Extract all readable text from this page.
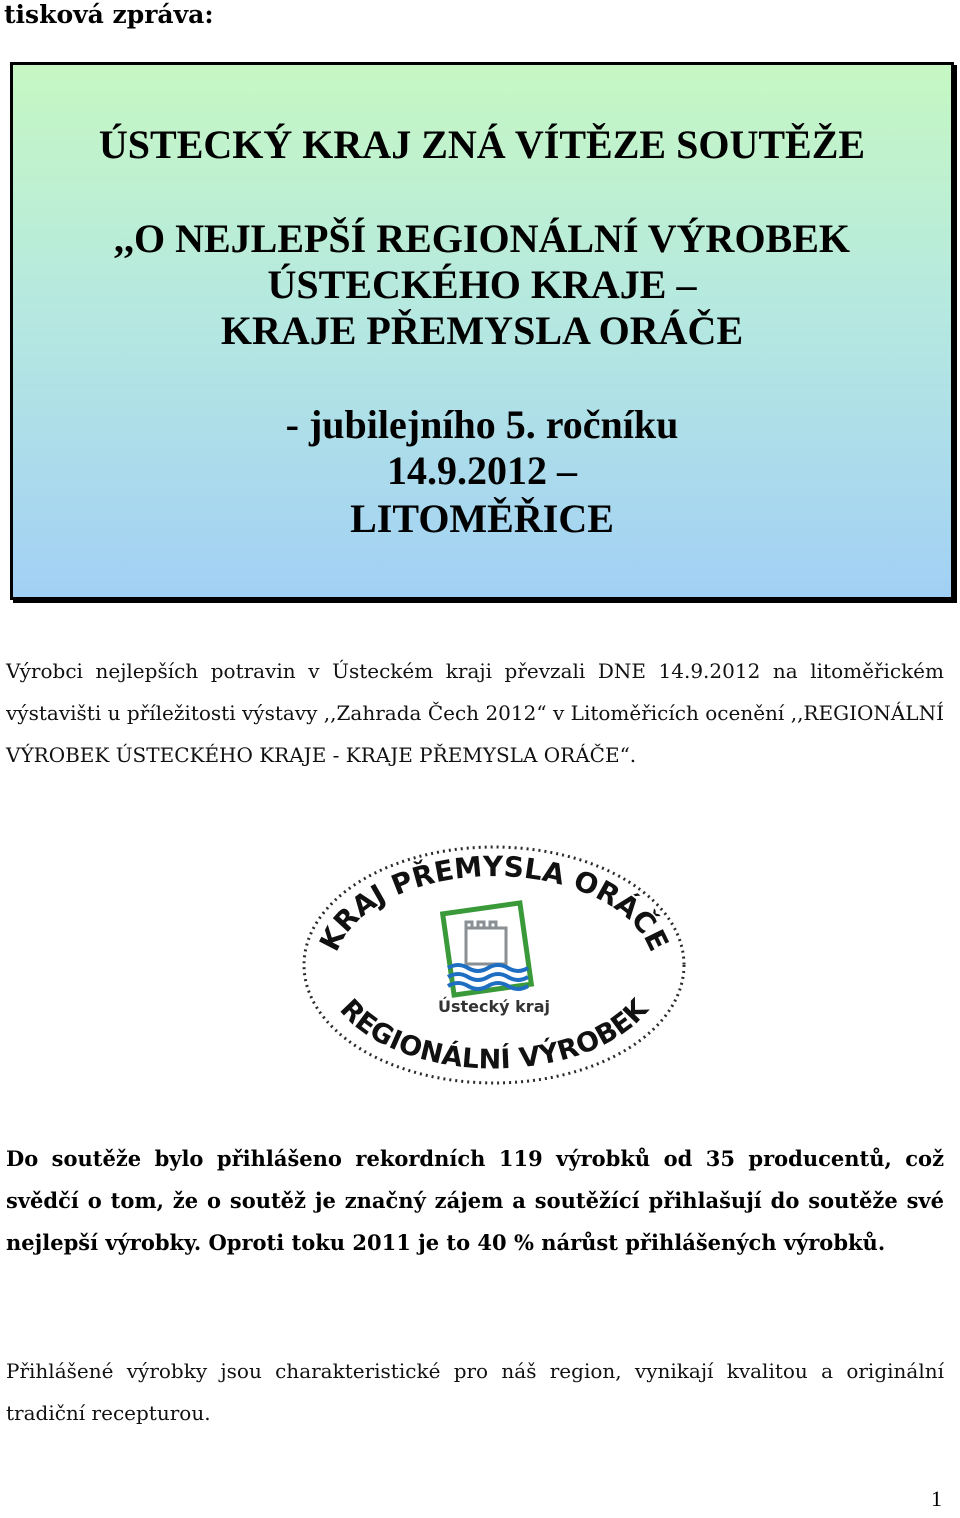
tisková zpráva:
ÚSTECKÝ KRAJ ZNÁ VÍTĚZE SOUTĚŽE
,,O NEJLEPŠÍ REGIONÁLNÍ VÝROBEK
ÚSTECKÉHO KRAJE –
KRAJE PŘEMYSLA ORÁČE
- jubilejního 5. ročníku
14.9.2012 –
LITOMĚŘICE

Výrobci nejlepších potravin v Ústeckém kraji převzali DNE 14.9.2012 na litoměřickém výstavišti u příležitosti výstavy ,,Zahrada Čech 2012“ v Litoměřicích ocenění ,,REGIONÁLNÍ VÝROBEK ÚSTECKÉHO KRAJE - KRAJE PŘEMYSLA ORÁČE“.

KRAJ PŘEMYSLA ORÁČE
REGIONÁLNÍ VÝROBEK
Ústecký kraj

Do soutěže bylo přihlášeno rekordních 119 výrobků od 35 producentů, což svědčí o tom, že o soutěž je značný zájem a soutěžící přihlašují do soutěže své nejlepší výrobky. Oproti toku 2011 je to 40 % nárůst přihlášených výrobků.

Přihlášené výrobky jsou charakteristické pro náš region, vynikají kvalitou a originální tradiční recepturou.

1
